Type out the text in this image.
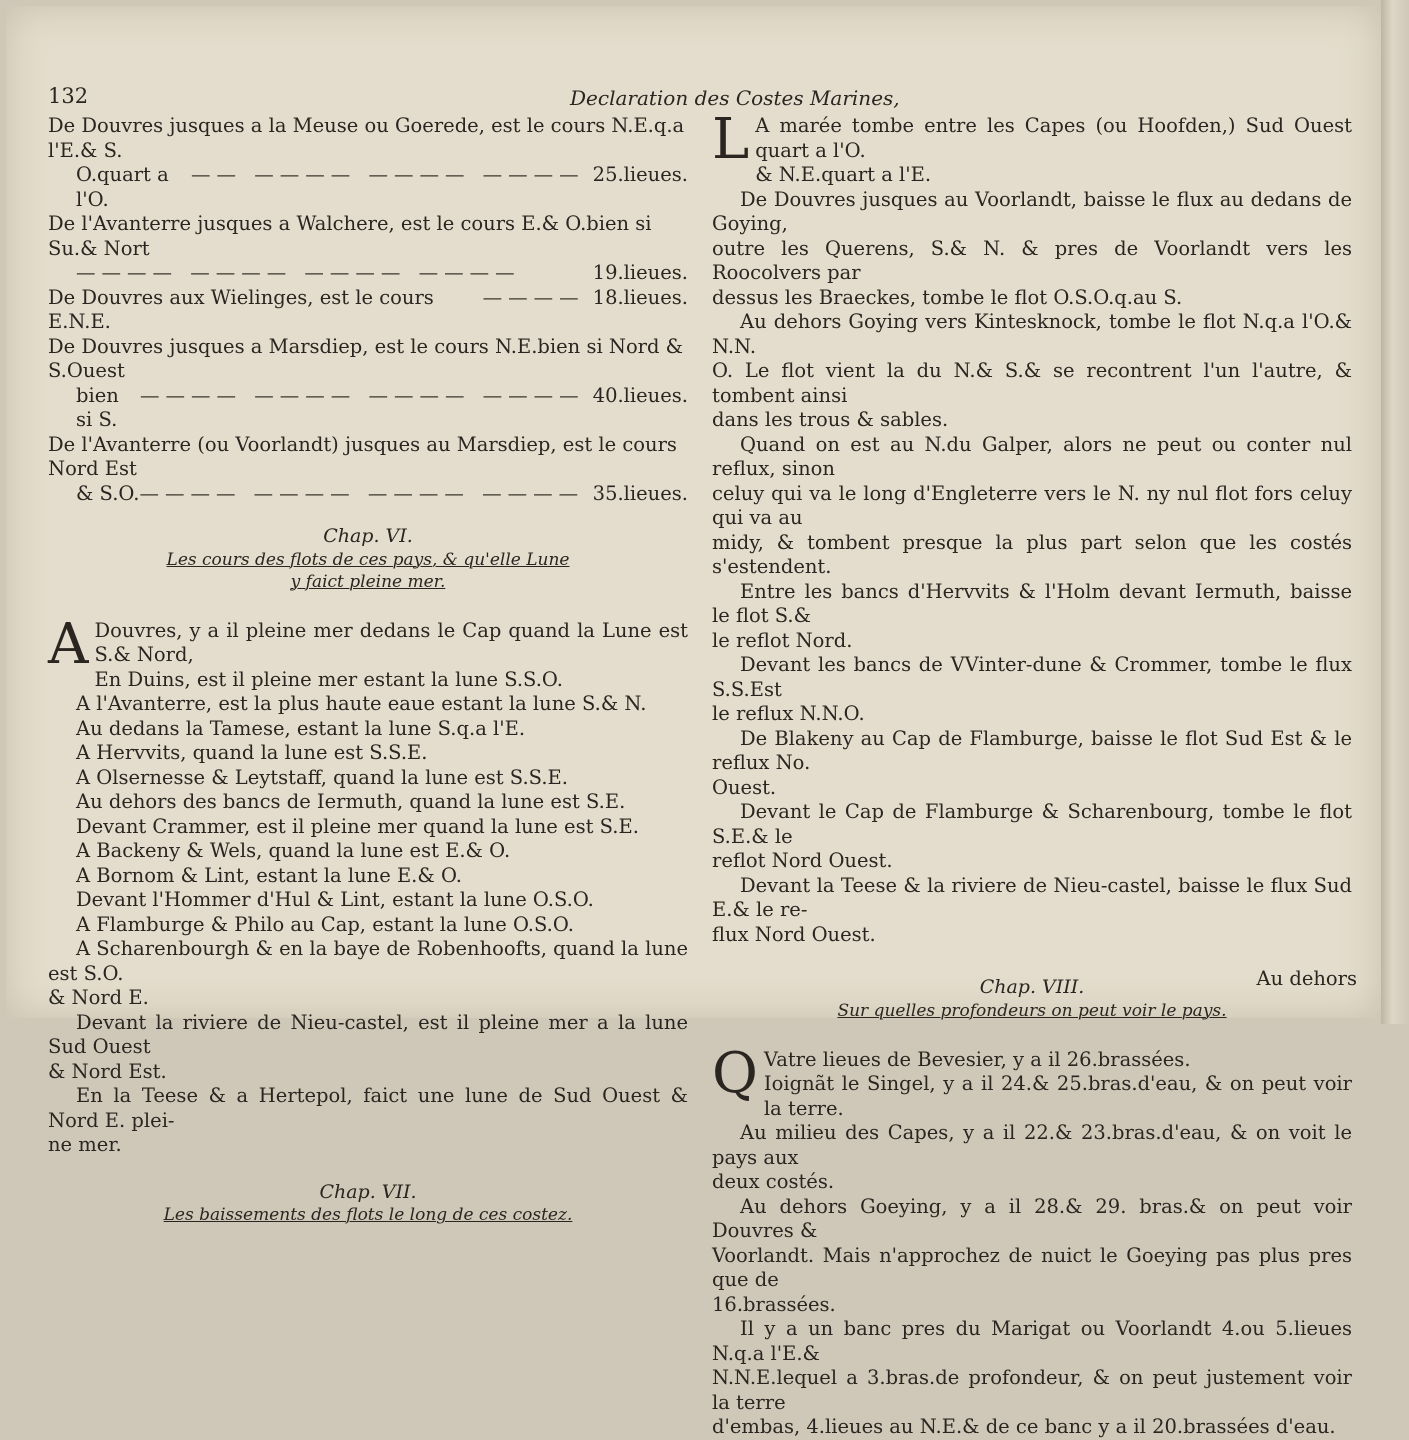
132	Declaration des Costes Marines,
De Douvres jusques a la Meuse ou Goerede, est le cours N.E.q.a l'E.& S.
O.quart a l'O.
—— ———— ———— ———— 25.lieues.
De l'Avanterre jusques a Walchere, est le cours E.& O.bien si Su.& Nort
———— ———— ———— ————	19.lieues.
De Douvres aux Wielinges, est le cours E.N.E.
———— 18.lieues.
De Douvres jusques a Marsdiep, est le cours N.E.bien si Nord & S.Ouest
bien si S.
———— ———— ———— ———— 40.lieues.
De l'Avanterre (ou Voorlandt) jusques au Marsdiep, est le cours Nord Est
& S.O. ———— ———— ———— ———— 35.lieues.
Chap. VI.
Les cours des flots de ces pays, & qu'elle Lune
y faict pleine mer.
A Douvres, y a il pleine mer dedans le Cap quand la Lune est S.& Nord,
En Duins, est il pleine mer estant la lune S.S.O.
A l'Avanterre, est la plus haute eaue estant la lune S.& N.
Au dedans la Tamese, estant la lune S.q.a l'E.
A Hervvits, quand la lune est S.S.E.
A Olsernesse & Leytstaff, quand la lune est S.S.E.
Au dehors des bancs de Iermuth, quand la lune est S.E.
Devant Crammer, est il pleine mer quand la lune est S.E.
A Backeny & Wels, quand la lune est E.& O.
A Bornom & Lint, estant la lune E.& O.
Devant l'Hommer d'Hul & Lint, estant la lune O.S.O.
A Flamburge & Philo au Cap, estant la lune O.S.O.
A Scharenbourgh & en la baye de Robenhoofts, quand la lune est S.O.
& Nord E.
Devant la riviere de Nieu-castel, est il pleine mer a la lune Sud Ouest
& Nord Est.
En la Teese & a Hertepol, faict une lune de Sud Ouest & Nord E. plei-
ne mer.
Chap. VII.
Les baissements des flots le long de ces costez.
L A marée tombe entre les Capes (ou Hoofden,) Sud Ouest quart a l'O.
& N.E.quart a l'E.
De Douvres jusques au Voorlandt, baisse le flux au dedans de Goying,
outre les Querens, S.& N. & pres de Voorlandt vers les Roocolvers par
dessus les Braeckes, tombe le flot O.S.O.q.au S.
Au dehors Goying vers Kintesknock, tombe le flot N.q.a l'O.& N.N.
O. Le flot vient la du N.& S.& se recontrent l'un l'autre, & tombent ainsi
dans les trous & sables.
Quand on est au N.du Galper, alors ne peut ou conter nul reflux, sinon
celuy qui va le long d'Engleterre vers le N. ny nul flot fors celuy qui va au
midy, & tombent presque la plus part selon que les costés s'estendent.
Entre les bancs d'Hervvits & l'Holm devant Iermuth, baisse le flot S.&
le reflot Nord.
Devant les bancs de VVinter-dune & Crommer, tombe le flux S.S.Est
le reflux N.N.O.
De Blakeny au Cap de Flamburge, baisse le flot Sud Est & le reflux No.
Ouest.
Devant le Cap de Flamburge & Scharenbourg, tombe le flot S.E.& le
reflot Nord Ouest.
Devant la Teese & la riviere de Nieu-castel, baisse le flux Sud E.& le re-
flux Nord Ouest.
Chap. VIII.
Sur quelles profondeurs on peut voir le pays.
Q Vatre lieues de Bevesier, y a il 26.brassées.
Ioignãt le Singel, y a il 24.& 25.bras.d'eau, & on peut voir la terre.
Au milieu des Capes, y a il 22.& 23.bras.d'eau, & on voit le pays aux
deux costés.
Au dehors Goeying, y a il 28.& 29. bras.& on peut voir Douvres &
Voorlandt. Mais n'approchez de nuict le Goeying pas plus pres que de
16.brassées.
Il y a un banc pres du Marigat ou Voorlandt 4.ou 5.lieues N.q.a l'E.&
N.N.E.lequel a 3.bras.de profondeur, & on peut justement voir la terre
d'embas, 4.lieues au N.E.& de ce banc y a il 20.brassées d'eau.
Au dehors
